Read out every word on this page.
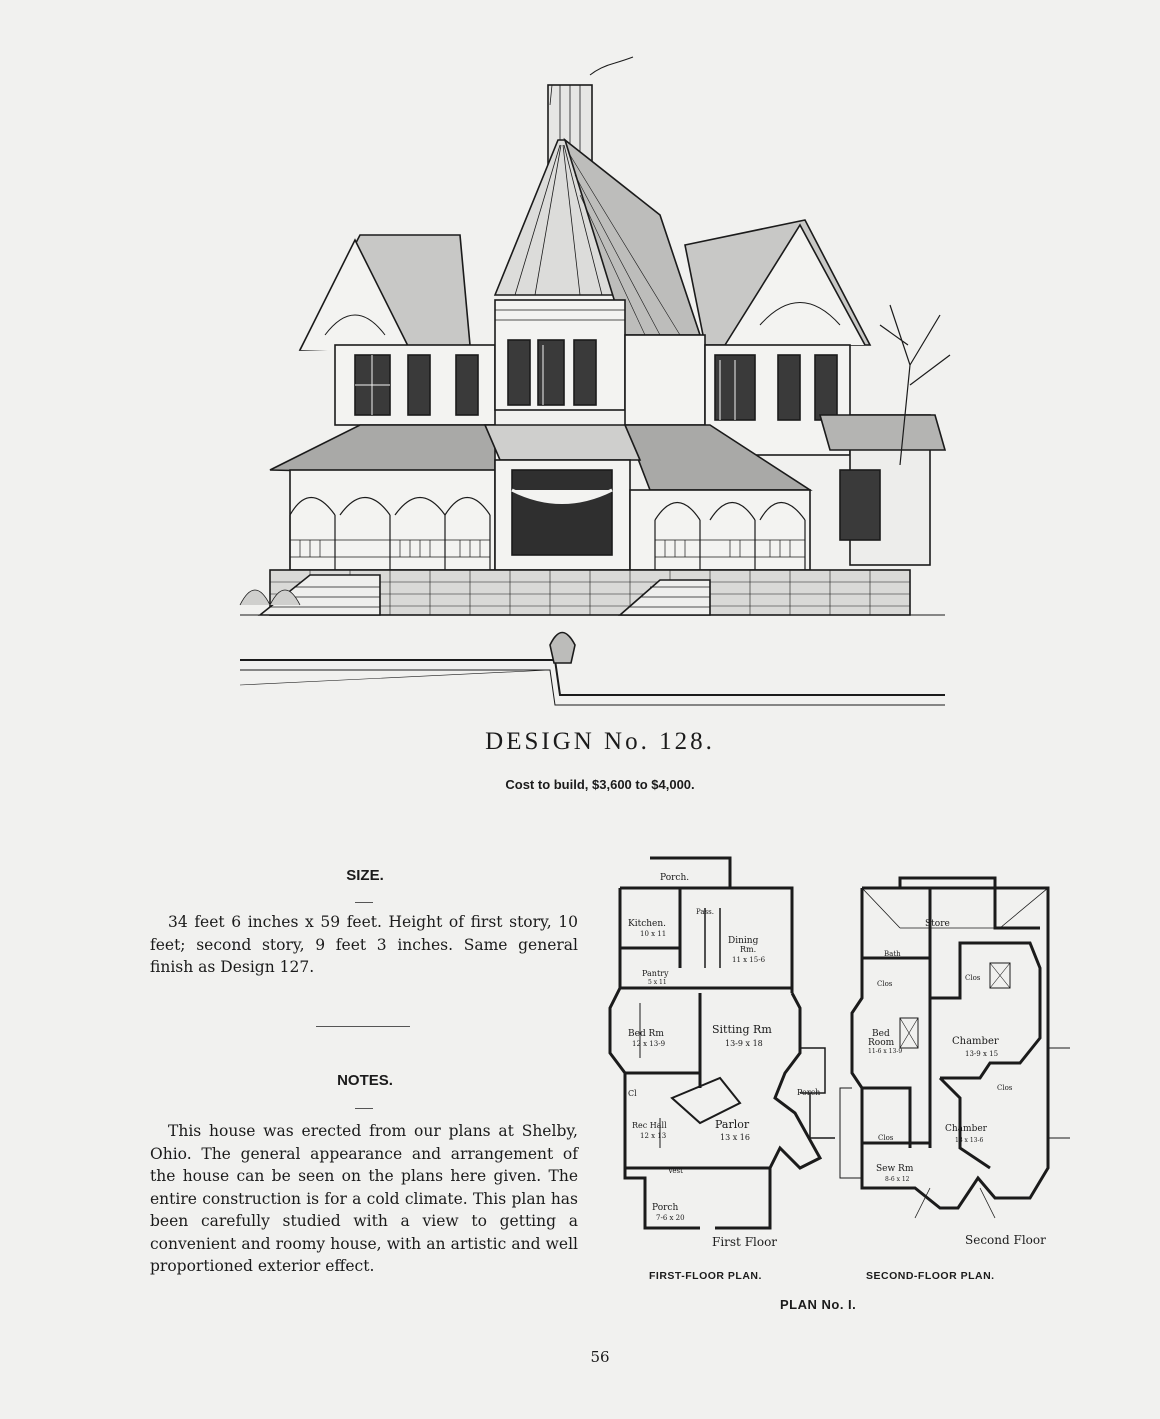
DESIGN No. 128.
Cost to build, $3,600 to $4,000.
SIZE.
34 feet 6 inches x 59 feet. Height of first story, 10 feet; second story, 9 feet 3 inches. Same general finish as Design 127.
NOTES.
This house was erected from our plans at Shelby, Ohio. The general appearance and arrangement of the house can be seen on the plans here given. The entire construction is for a cold climate. This plan has been carefully studied with a view to getting a convenient and roomy house, with an artistic and well proportioned exterior effect.
Porch.
Pass.
Kitchen.
10 x 11
Dining
Rm.
11 x 15-6
Pantry
5 x 11
Bed Rm
12 x 13-9
Sitting Rm
13-9 x 18
Porch
Cl
Rec Hall
12 x 13
Parlor
13 x 16
Vest
Porch
7-6 x 20
First Floor
Store
Bath
Clos
Clos
Bed
Room
11-6 x 13-9
Chamber
13-9 x 15
Clos
Chamber
13 x 13-6
Clos
Sew Rm
8-6 x 12
Second Floor
FIRST-FLOOR PLAN.	SECOND-FLOOR PLAN.
PLAN No. I.
56
